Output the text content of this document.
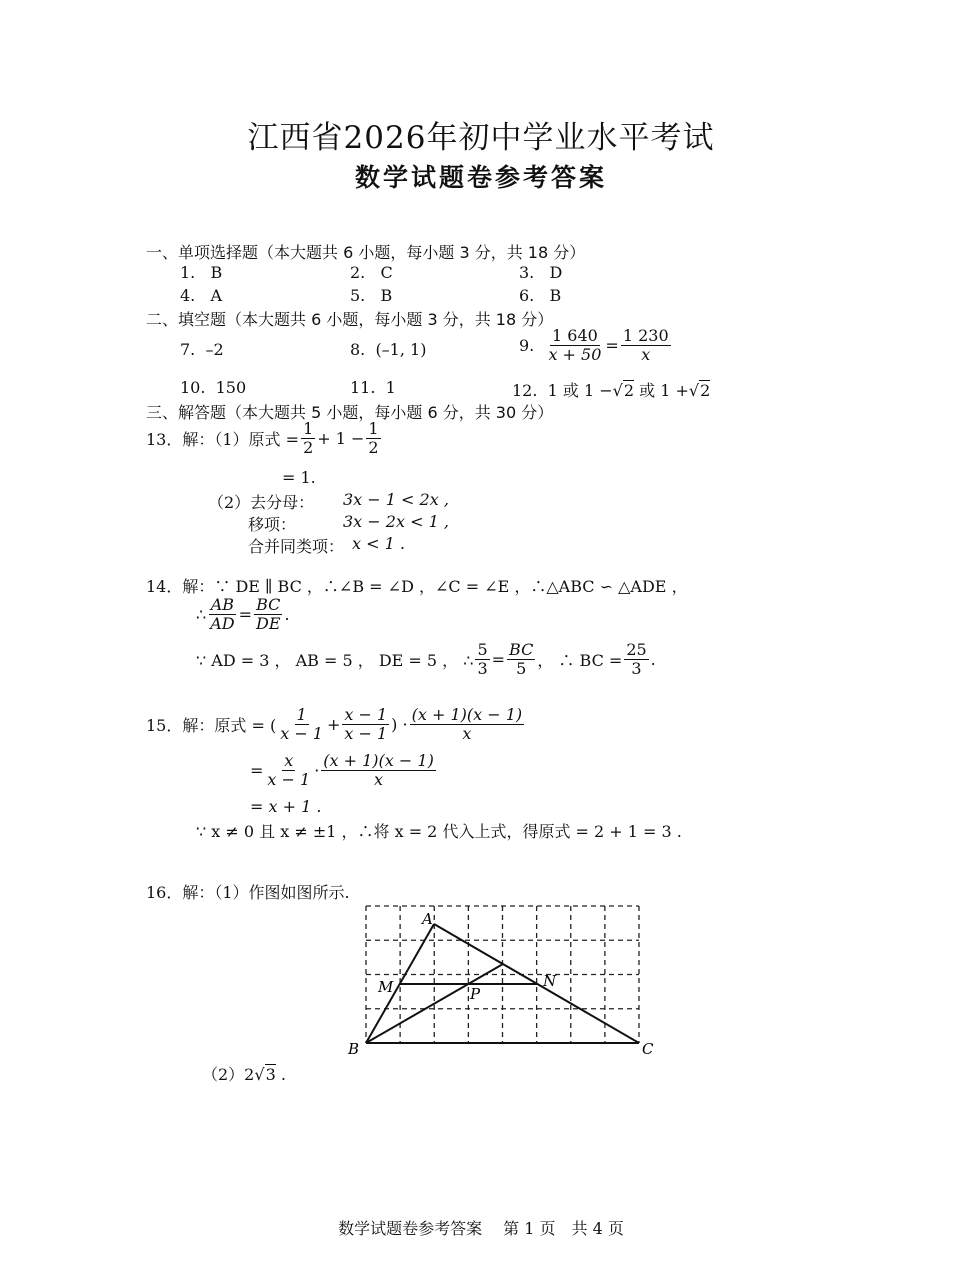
江西省2026年初中学业水平考试
数学试题卷参考答案
一、单项选择题（本大题共 6 小题，每小题 3 分，共 18 分）
1. B	2. C	3. D
4. A	5. B	6. B
二、填空题（本大题共 6 小题，每小题 3 分，共 18 分）
7. –2	8. (–1, 1)	9.
$\frac{1 640}{x + 50} = \frac{1 230}{x}$
10. 150	11. 1	12. 1 或 1 −√2 或 1 +√2
三、解答题（本大题共 5 小题，每小题 6 分，共 30 分）
13． 解：（1）原式 = $\frac{1}{2} + 1 - \frac{1}{2}$
= 1.
（2）去分母： 3x − 1 < 2x ,
移项：	3x − 2x < 1 ,
合并同类项： x < 1 .
14．解：∵ DE ∥ BC ，∴∠B = ∠D ，∠C = ∠E ，∴△ABC ∽ △ADE ，
∴ $\frac{AB}{AD} = \frac{BC}{DE}$ .
∵ AD = 3 ， AB = 5 ， DE = 5 ， ∴ $\frac{5}{3} = \frac{BC}{5}$ ， ∴ BC = $\frac{25}{3}$ .
15． 解：原式 = ( $\frac{1}{x - 1} + \frac{x - 1}{x - 1}$ ) · $\frac{(x + 1)(x - 1)}{x}$
= $\frac{x}{x - 1} \cdot \frac{(x + 1)(x - 1)}{x}$
= x + 1 .
∵ x ≠ 0 且 x ≠ ±1 ，∴将 x = 2 代入上式，得原式 = 2 + 1 = 3 .
16．解：（1）作图如图所示.
A
B	C
M	N
P
（2）2√3 .
数学试题卷参考答案　 第 1 页　共 4 页
